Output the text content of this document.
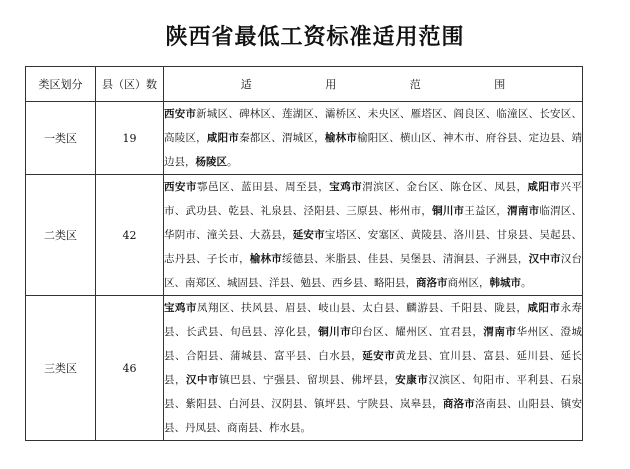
陕西省最低工资标准适用范围
类区划分	县（区）数	适 用 范 围

一类区	19	西安市新城区、碑林区、莲湖区、灞桥区、未央区、雁塔区、阎良区、临潼区、长安区、高陵区，咸阳市秦都区、渭城区，榆林市榆阳区、横山区、神木市、府谷县、定边县、靖边县，杨陵区。
二类区	42	西安市鄠邑区、蓝田县、周至县，宝鸡市渭滨区、金台区、陈仓区、凤县，咸阳市兴平市、武功县、乾县、礼泉县、泾阳县、三原县、彬州市，铜川市王益区，渭南市临渭区、华阴市、潼关县、大荔县，延安市宝塔区、安塞区、黄陵县、洛川县、甘泉县、吴起县、志丹县、子长市，榆林市绥德县、米脂县、佳县、吴堡县、清涧县、子洲县，汉中市汉台区、南郑区、城固县、洋县、勉县、西乡县、略阳县，商洛市商州区，韩城市。
三类区	46	宝鸡市凤翔区、扶风县、眉县、岐山县、太白县、麟游县、千阳县、陇县，咸阳市永寿县、长武县、旬邑县、淳化县，铜川市印台区、耀州区、宜君县，渭南市华州区、澄城县、合阳县、蒲城县、富平县、白水县，延安市黄龙县、宜川县、富县、延川县、延长县，汉中市镇巴县、宁强县、留坝县、佛坪县，安康市汉滨区、旬阳市、平利县、石泉县、紫阳县、白河县、汉阴县、镇坪县、宁陕县、岚皋县，商洛市洛南县、山阳县、镇安县、丹凤县、商南县、柞水县。
